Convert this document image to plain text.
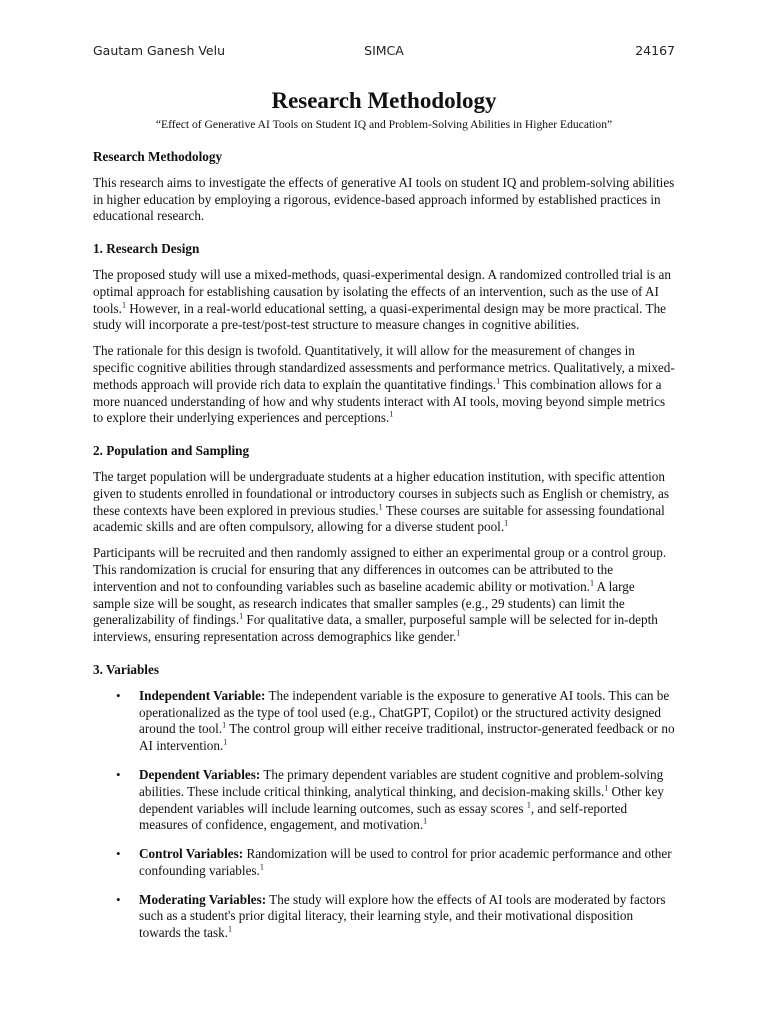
Gautam Ganesh Velu	SIMCA	24167
Research Methodology
“Effect of Generative AI Tools on Student IQ and Problem-Solving Abilities in Higher Education”
Research Methodology

This research aims to investigate the effects of generative AI tools on student IQ and problem-solving abilities in higher education by employing a rigorous, evidence-based approach informed by established practices in educational research.

1. Research Design

The proposed study will use a mixed-methods, quasi-experimental design. A randomized controlled trial is an optimal approach for establishing causation by isolating the effects of an intervention, such as the use of AI tools.$^1$ However, in a real-world educational setting, a quasi-experimental design may be more practical. The study will incorporate a pre-test/post-test structure to measure changes in cognitive abilities.

The rationale for this design is twofold. Quantitatively, it will allow for the measurement of changes in specific cognitive abilities through standardized assessments and performance metrics. Qualitatively, a mixed-methods approach will provide rich data to explain the quantitative findings.$^1$ This combination allows for a more nuanced understanding of how and why students interact with AI tools, moving beyond simple metrics to explore their underlying experiences and perceptions.$^1$

2. Population and Sampling

The target population will be undergraduate students at a higher education institution, with specific attention given to students enrolled in foundational or introductory courses in subjects such as English or chemistry, as these contexts have been explored in previous studies.$^1$ These courses are suitable for assessing foundational academic skills and are often compulsory, allowing for a diverse student pool.$^1$

Participants will be recruited and then randomly assigned to either an experimental group or a control group. This randomization is crucial for ensuring that any differences in outcomes can be attributed to the intervention and not to confounding variables such as baseline academic ability or motivation.$^1$ A large sample size will be sought, as research indicates that smaller samples (e.g., 29 students) can limit the generalizability of findings.$^1$ For qualitative data, a smaller, purposeful sample will be selected for in-depth interviews, ensuring representation across demographics like gender.$^1$

3. Variables
• Independent Variable: The independent variable is the exposure to generative AI tools. This can be operationalized as the type of tool used (e.g., ChatGPT, Copilot) or the structured activity designed around the tool.$^1$ The control group will either receive traditional, instructor-generated feedback or no AI intervention.$^1$
• Dependent Variables: The primary dependent variables are student cognitive and problem-solving abilities. These include critical thinking, analytical thinking, and decision-making skills.$^1$ Other key dependent variables will include learning outcomes, such as essay scores $^1$, and self-reported measures of confidence, engagement, and motivation.$^1$
• Control Variables: Randomization will be used to control for prior academic performance and other confounding variables.$^1$
• Moderating Variables: The study will explore how the effects of AI tools are moderated by factors such as a student's prior digital literacy, their learning style, and their motivational disposition towards the task.$^1$
